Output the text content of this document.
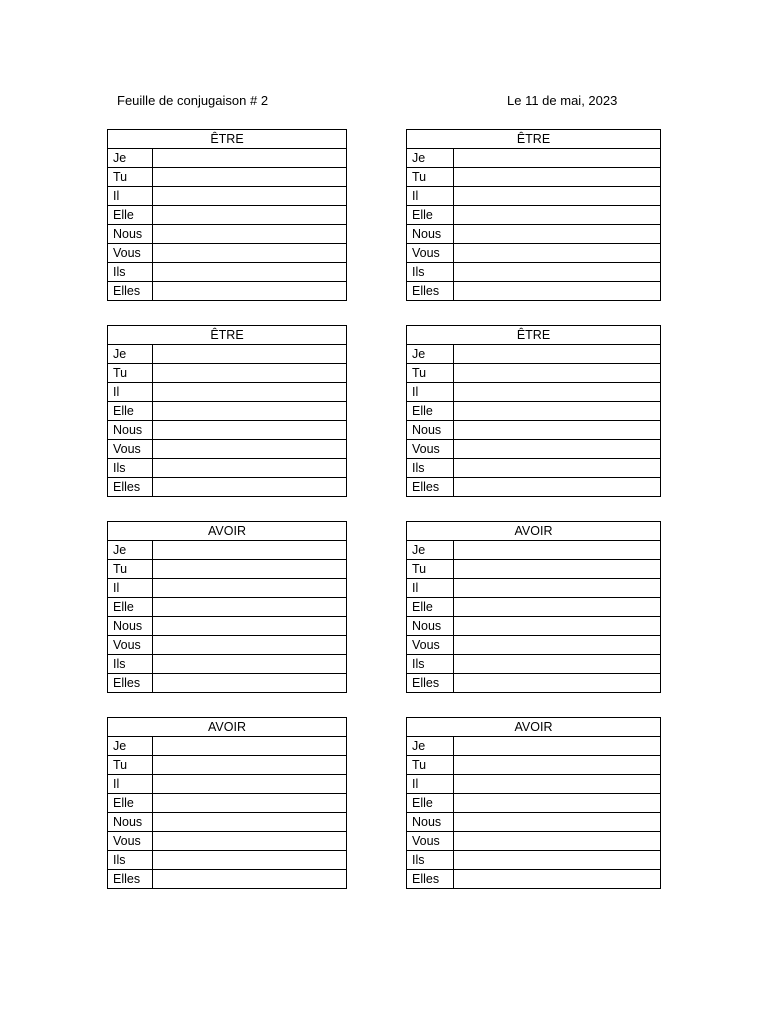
Feuille de conjugaison # 2	Le 11 de mai, 2023
ÊTRE	
Je	
Tu	
Il	
Elle	
Nous	
Vous	
Ils	
Elles	
ÊTRE	
Je	
Tu	
Il	
Elle	
Nous	
Vous	
Ils	
Elles	
ÊTRE	
Je	
Tu	
Il	
Elle	
Nous	
Vous	
Ils	
Elles	
ÊTRE	
Je	
Tu	
Il	
Elle	
Nous	
Vous	
Ils	
Elles	
AVOIR	
Je	
Tu	
Il	
Elle	
Nous	
Vous	
Ils	
Elles	
AVOIR	
Je	
Tu	
Il	
Elle	
Nous	
Vous	
Ils	
Elles	
AVOIR	
Je	
Tu	
Il	
Elle	
Nous	
Vous	
Ils	
Elles	
AVOIR	
Je	
Tu	
Il	
Elle	
Nous	
Vous	
Ils	
Elles	
